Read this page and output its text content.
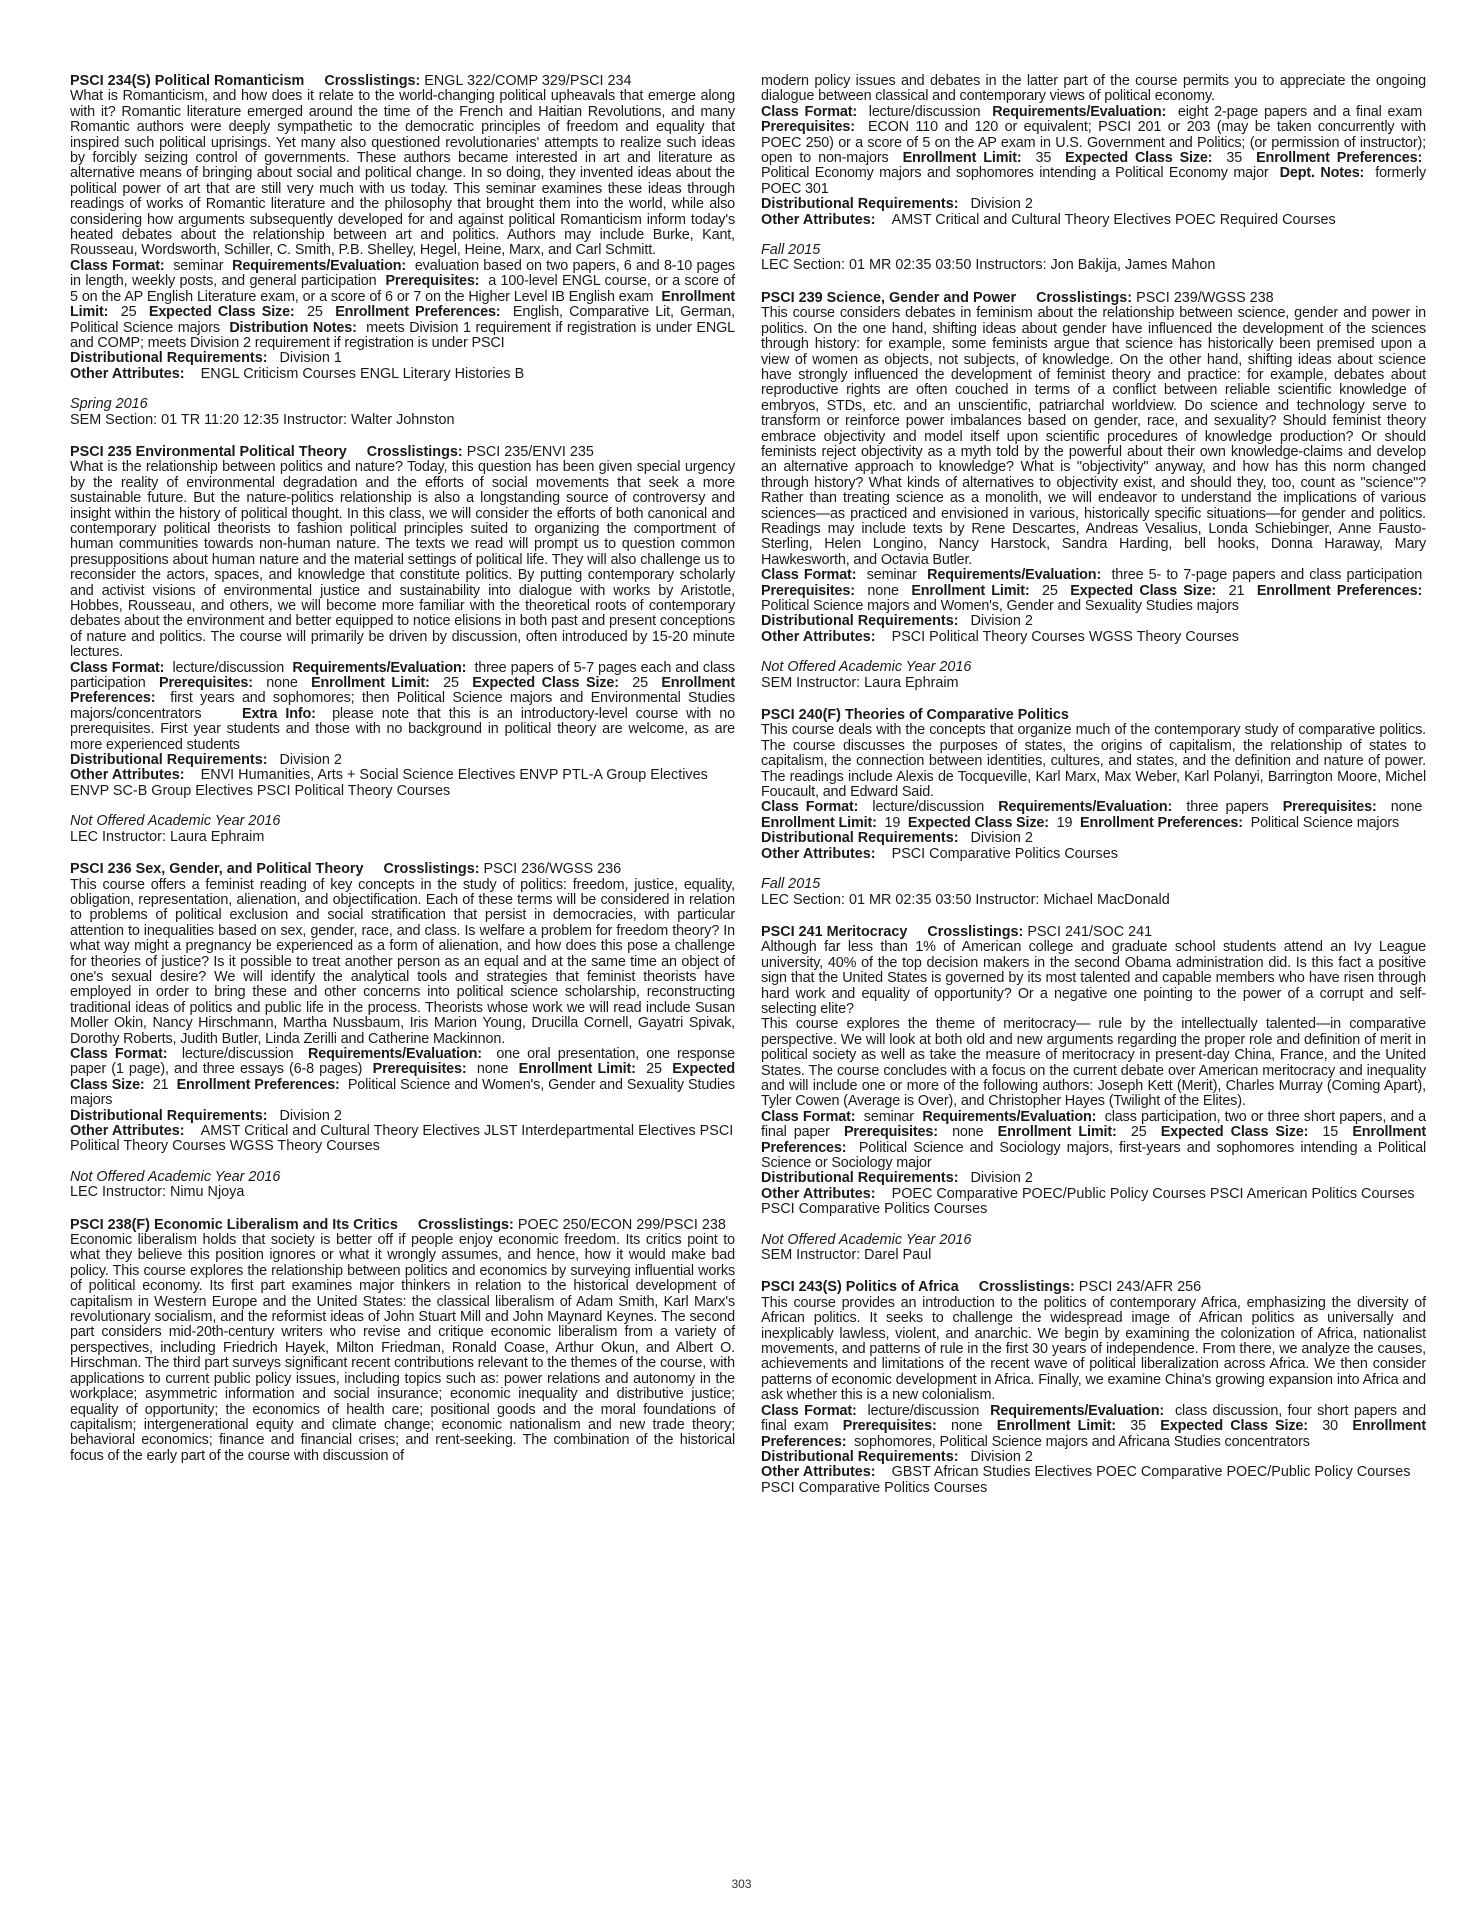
PSCI 234(S) Political Romanticism Crosslistings: ENGL 322/COMP 329/PSCI 234
What is Romanticism, and how does it relate to the world-changing political upheavals that emerge along with it? Romantic literature emerged around the time of the French and Haitian Revolutions, and many Romantic authors were deeply sympathetic to the democratic principles of freedom and equality that inspired such political uprisings. Yet many also questioned revolutionaries' attempts to realize such ideas by forcibly seizing control of governments. These authors became interested in art and literature as alternative means of bringing about social and political change. In so doing, they invented ideas about the political power of art that are still very much with us today. This seminar examines these ideas through readings of works of Romantic literature and the philosophy that brought them into the world, while also considering how arguments subsequently developed for and against political Romanticism inform today's heated debates about the relationship between art and politics. Authors may include Burke, Kant, Rousseau, Wordsworth, Schiller, C. Smith, P.B. Shelley, Hegel, Heine, Marx, and Carl Schmitt.
Class Format: seminar Requirements/Evaluation: evaluation based on two papers, 6 and 8-10 pages in length, weekly posts, and general participation Prerequisites: a 100-level ENGL course, or a score of 5 on the AP English Literature exam, or a score of 6 or 7 on the Higher Level IB English exam Enrollment Limit: 25 Expected Class Size: 25 Enrollment Preferences: English, Comparative Lit, German, Political Science majors Distribution Notes: meets Division 1 requirement if registration is under ENGL and COMP; meets Division 2 requirement if registration is under PSCI
Distributional Requirements: Division 1
Other Attributes: ENGL Criticism Courses ENGL Literary Histories B
Spring 2016
SEM Section: 01 TR 11:20 12:35 Instructor: Walter Johnston
PSCI 235 Environmental Political Theory Crosslistings: PSCI 235/ENVI 235
What is the relationship between politics and nature? Today, this question has been given special urgency by the reality of environmental degradation and the efforts of social movements that seek a more sustainable future. But the nature-politics relationship is also a longstanding source of controversy and insight within the history of political thought. In this class, we will consider the efforts of both canonical and contemporary political theorists to fashion political principles suited to organizing the comportment of human communities towards non-human nature. The texts we read will prompt us to question common presuppositions about human nature and the material settings of political life. They will also challenge us to reconsider the actors, spaces, and knowledge that constitute politics. By putting contemporary scholarly and activist visions of environmental justice and sustainability into dialogue with works by Aristotle, Hobbes, Rousseau, and others, we will become more familiar with the theoretical roots of contemporary debates about the environment and better equipped to notice elisions in both past and present conceptions of nature and politics. The course will primarily be driven by discussion, often introduced by 15-20 minute lectures.
Class Format: lecture/discussion Requirements/Evaluation: three papers of 5-7 pages each and class participation Prerequisites: none Enrollment Limit: 25 Expected Class Size: 25 Enrollment Preferences: first years and sophomores; then Political Science majors and Environmental Studies majors/concentrators	Extra Info: please note that this is an introductory-level course with no prerequisites. First year students and those with no background in political theory are welcome, as are more experienced students
Distributional Requirements: Division 2
Other Attributes: ENVI Humanities, Arts + Social Science Electives ENVP PTL-A Group Electives ENVP SC-B Group Electives PSCI Political Theory Courses
Not Offered Academic Year 2016
LEC Instructor: Laura Ephraim
PSCI 236 Sex, Gender, and Political Theory Crosslistings: PSCI 236/WGSS 236
This course offers a feminist reading of key concepts in the study of politics: freedom, justice, equality, obligation, representation, alienation, and objectification. Each of these terms will be considered in relation to problems of political exclusion and social stratification that persist in democracies, with particular attention to inequalities based on sex, gender, race, and class. Is welfare a problem for freedom theory? In what way might a pregnancy be experienced as a form of alienation, and how does this pose a challenge for theories of justice? Is it possible to treat another person as an equal and at the same time an object of one's sexual desire? We will identify the analytical tools and strategies that feminist theorists have employed in order to bring these and other concerns into political science scholarship, reconstructing traditional ideas of politics and public life in the process. Theorists whose work we will read include Susan Moller Okin, Nancy Hirschmann, Martha Nussbaum, Iris Marion Young, Drucilla Cornell, Gayatri Spivak, Dorothy Roberts, Judith Butler, Linda Zerilli and Catherine Mackinnon.
Class Format: lecture/discussion Requirements/Evaluation: one oral presentation, one response paper (1 page), and three essays (6-8 pages) Prerequisites: none Enrollment Limit: 25 Expected Class Size: 21 Enrollment Preferences: Political Science and Women's, Gender and Sexuality Studies majors
Distributional Requirements: Division 2
Other Attributes: AMST Critical and Cultural Theory Electives JLST Interdepartmental Electives PSCI Political Theory Courses WGSS Theory Courses
Not Offered Academic Year 2016
LEC Instructor: Nimu Njoya
PSCI 238(F) Economic Liberalism and Its Critics Crosslistings: POEC 250/ECON 299/PSCI 238
Economic liberalism holds that society is better off if people enjoy economic freedom. Its critics point to what they believe this position ignores or what it wrongly assumes, and hence, how it would make bad policy. This course explores the relationship between politics and economics by surveying influential works of political economy. Its first part examines major thinkers in relation to the historical development of capitalism in Western Europe and the United States: the classical liberalism of Adam Smith, Karl Marx's revolutionary socialism, and the reformist ideas of John Stuart Mill and John Maynard Keynes. The second part considers mid-20th-century writers who revise and critique economic liberalism from a variety of perspectives, including Friedrich Hayek, Milton Friedman, Ronald Coase, Arthur Okun, and Albert O. Hirschman. The third part surveys significant recent contributions relevant to the themes of the course, with applications to current public policy issues, including topics such as: power relations and autonomy in the workplace; asymmetric information and social insurance; economic inequality and distributive justice; equality of opportunity; the economics of health care; positional goods and the moral foundations of capitalism; intergenerational equity and climate change; economic nationalism and new trade theory; behavioral economics; finance and financial crises; and rent-seeking. The combination of the historical focus of the early part of the course with discussion of
modern policy issues and debates in the latter part of the course permits you to appreciate the ongoing dialogue between classical and contemporary views of political economy.
Class Format: lecture/discussion Requirements/Evaluation: eight 2-page papers and a final exam  Prerequisites: ECON 110 and 120 or equivalent; PSCI 201 or 203 (may be taken concurrently with POEC 250) or a score of 5 on the AP exam in U.S. Government and Politics; (or permission of instructor); open to non-majors Enrollment Limit: 35 Expected Class Size: 35 Enrollment Preferences:  Political Economy majors and sophomores intending a Political Economy major Dept. Notes: formerly POEC 301
Distributional Requirements: Division 2
Other Attributes: AMST Critical and Cultural Theory Electives POEC Required Courses
Fall 2015
LEC Section: 01 MR 02:35 03:50 Instructors: Jon Bakija, James Mahon
PSCI 239 Science, Gender and Power Crosslistings: PSCI 239/WGSS 238
This course considers debates in feminism about the relationship between science, gender and power in politics. On the one hand, shifting ideas about gender have influenced the development of the sciences through history: for example, some feminists argue that science has historically been premised upon a view of women as objects, not subjects, of knowledge. On the other hand, shifting ideas about science have strongly influenced the development of feminist theory and practice: for example, debates about reproductive rights are often couched in terms of a conflict between reliable scientific knowledge of embryos, STDs, etc. and an unscientific, patriarchal worldview. Do science and technology serve to transform or reinforce power imbalances based on gender, race, and sexuality? Should feminist theory embrace objectivity and model itself upon scientific procedures of knowledge production? Or should feminists reject objectivity as a myth told by the powerful about their own knowledge-claims and develop an alternative approach to knowledge? What is "objectivity" anyway, and how has this norm changed through history? What kinds of alternatives to objectivity exist, and should they, too, count as "science"? Rather than treating science as a monolith, we will endeavor to understand the implications of various sciences—as practiced and envisioned in various, historically specific situations—for gender and politics. Readings may include texts by Rene Descartes, Andreas Vesalius, Londa Schiebinger, Anne Fausto-Sterling, Helen Longino, Nancy Harstock, Sandra Harding, bell hooks, Donna Haraway, Mary Hawkesworth, and Octavia Butler.
Class Format: seminar Requirements/Evaluation: three 5- to 7-page papers and class participation  Prerequisites: none Enrollment Limit: 25 Expected Class Size: 21 Enrollment Preferences:  Political Science majors and Women's, Gender and Sexuality Studies majors
Distributional Requirements: Division 2
Other Attributes: PSCI Political Theory Courses WGSS Theory Courses
Not Offered Academic Year 2016
SEM Instructor: Laura Ephraim
PSCI 240(F) Theories of Comparative Politics
This course deals with the concepts that organize much of the contemporary study of comparative politics. The course discusses the purposes of states, the origins of capitalism, the relationship of states to capitalism, the connection between identities, cultures, and states, and the definition and nature of power. The readings include Alexis de Tocqueville, Karl Marx, Max Weber, Karl Polanyi, Barrington Moore, Michel Foucault, and Edward Said.
Class Format: lecture/discussion Requirements/Evaluation: three papers Prerequisites: none  Enrollment Limit: 19 Expected Class Size: 19 Enrollment Preferences: Political Science majors
Distributional Requirements: Division 2
Other Attributes: PSCI Comparative Politics Courses
Fall 2015
LEC Section: 01 MR 02:35 03:50 Instructor: Michael MacDonald
PSCI 241 Meritocracy Crosslistings: PSCI 241/SOC 241
Although far less than 1% of American college and graduate school students attend an Ivy League university, 40% of the top decision makers in the second Obama administration did. Is this fact a positive sign that the United States is governed by its most talented and capable members who have risen through hard work and equality of opportunity? Or a negative one pointing to the power of a corrupt and self-selecting elite?
This course explores the theme of meritocracy— rule by the intellectually talented—in comparative perspective. We will look at both old and new arguments regarding the proper role and definition of merit in political society as well as take the measure of meritocracy in present-day China, France, and the United States. The course concludes with a focus on the current debate over American meritocracy and inequality and will include one or more of the following authors: Joseph Kett (Merit), Charles Murray (Coming Apart), Tyler Cowen (Average is Over), and Christopher Hayes (Twilight of the Elites).
Class Format: seminar Requirements/Evaluation: class participation, two or three short papers, and a final paper Prerequisites: none Enrollment Limit: 25 Expected Class Size: 15 Enrollment Preferences: Political Science and Sociology majors, first-years and sophomores intending a Political Science or Sociology major
Distributional Requirements: Division 2
Other Attributes: POEC Comparative POEC/Public Policy Courses PSCI American Politics Courses PSCI Comparative Politics Courses
Not Offered Academic Year 2016
SEM Instructor: Darel Paul
PSCI 243(S) Politics of Africa Crosslistings: PSCI 243/AFR 256
This course provides an introduction to the politics of contemporary Africa, emphasizing the diversity of African politics. It seeks to challenge the widespread image of African politics as universally and inexplicably lawless, violent, and anarchic. We begin by examining the colonization of Africa, nationalist movements, and patterns of rule in the first 30 years of independence. From there, we analyze the causes, achievements and limitations of the recent wave of political liberalization across Africa. We then consider patterns of economic development in Africa. Finally, we examine China's growing expansion into Africa and ask whether this is a new colonialism.
Class Format: lecture/discussion Requirements/Evaluation: class discussion, four short papers and final exam Prerequisites: none Enrollment Limit: 35 Expected Class Size: 30 Enrollment Preferences: sophomores, Political Science majors and Africana Studies concentrators
Distributional Requirements: Division 2
Other Attributes: GBST African Studies Electives POEC Comparative POEC/Public Policy Courses PSCI Comparative Politics Courses
303
